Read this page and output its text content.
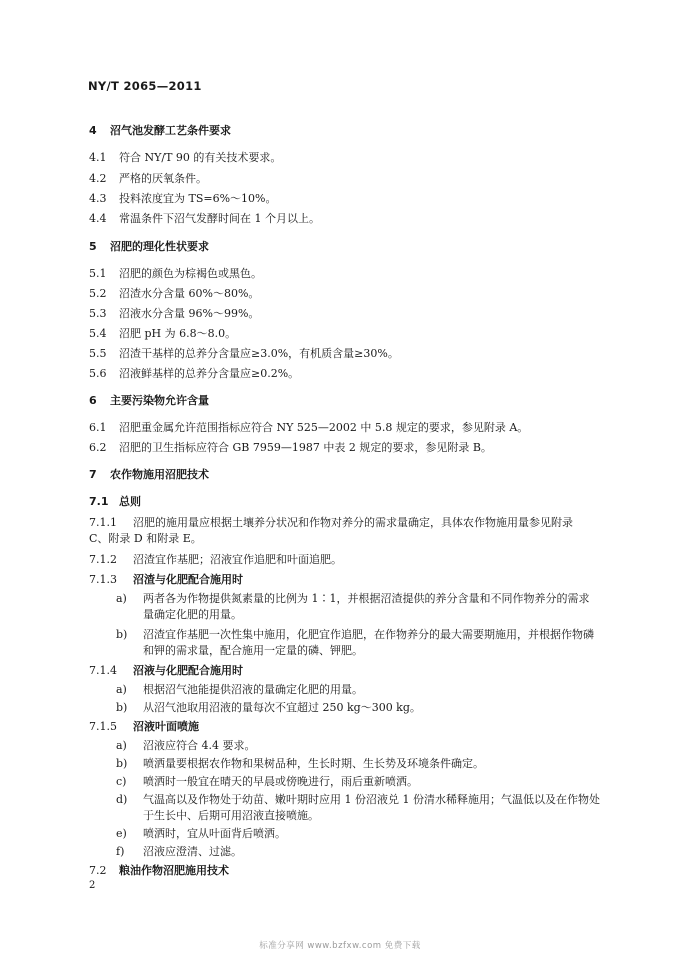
NY/T 2065—2011
4 沼气池发酵工艺条件要求
4.1 符合 NY/T 90 的有关技术要求。
4.2 严格的厌氧条件。
4.3 投料浓度宜为 TS=6%～10%。
4.4 常温条件下沼气发酵时间在 1 个月以上。
5 沼肥的理化性状要求
5.1 沼肥的颜色为棕褐色或黑色。
5.2 沼渣水分含量 60%～80%。
5.3 沼液水分含量 96%～99%。
5.4 沼肥 pH 为 6.8～8.0。
5.5 沼渣干基样的总养分含量应≥3.0%，有机质含量≥30%。
5.6 沼液鲜基样的总养分含量应≥0.2%。
6 主要污染物允许含量
6.1 沼肥重金属允许范围指标应符合 NY 525—2002 中 5.8 规定的要求，参见附录 A。
6.2 沼肥的卫生指标应符合 GB 7959—1987 中表 2 规定的要求，参见附录 B。
7 农作物施用沼肥技术
7.1 总则
7.1.1 沼肥的施用量应根据土壤养分状况和作物对养分的需求量确定，具体农作物施用量参见附录
C、附录 D 和附录 E。
7.1.2 沼渣宜作基肥；沼液宜作追肥和叶面追肥。
7.1.3 沼渣与化肥配合施用时
a) 两者各为作物提供氮素量的比例为 1∶1，并根据沼渣提供的养分含量和不同作物养分的需求
量确定化肥的用量。
b) 沼渣宜作基肥一次性集中施用，化肥宜作追肥，在作物养分的最大需要期施用，并根据作物磷
和钾的需求量，配合施用一定量的磷、钾肥。
7.1.4 沼液与化肥配合施用时
a) 根据沼气池能提供沼液的量确定化肥的用量。
b) 从沼气池取用沼液的量每次不宜超过 250 kg～300 kg。
7.1.5 沼液叶面喷施
a) 沼液应符合 4.4 要求。
b) 喷洒量要根据农作物和果树品种，生长时期、生长势及环境条件确定。
c) 喷洒时一般宜在晴天的早晨或傍晚进行，雨后重新喷洒。
d) 气温高以及作物处于幼苗、嫩叶期时应用 1 份沼液兑 1 份清水稀释施用；气温低以及在作物处
于生长中、后期可用沼液直接喷施。
e) 喷洒时，宜从叶面背后喷洒。
f) 沼液应澄清、过滤。
7.2 粮油作物沼肥施用技术
2
标准分享网 www.bzfxw.com 免费下载
